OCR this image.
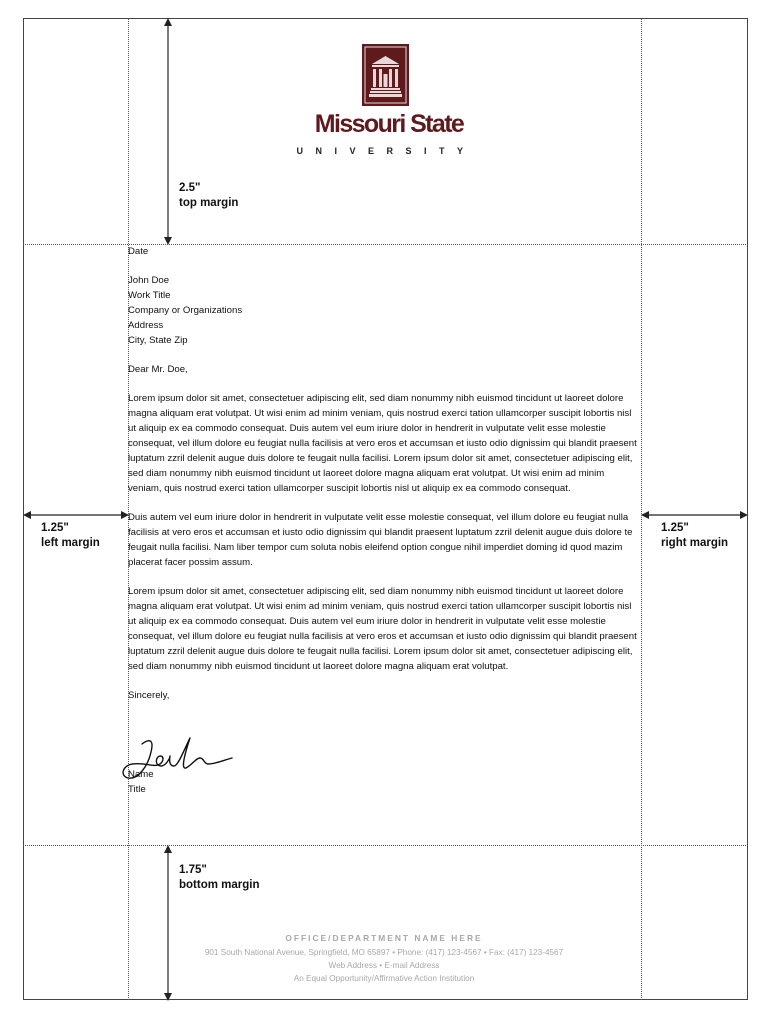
2.5"
top margin
1.75"
bottom margin
1.25"
left margin
1.25"
right margin
Missouri State
UNIVERSITY

Date

John Doe

Work Title

Company or Organizations

Address

City, State Zip

Dear Mr. Doe,

Lorem ipsum dolor sit amet, consectetuer adipiscing elit, sed diam nonummy nibh euismod tincidunt ut laoreet dolore magna aliquam erat volutpat. Ut wisi enim ad minim veniam, quis nostrud exerci tation ullamcorper suscipit lobortis nisl ut aliquip ex ea commodo consequat. Duis autem vel eum iriure dolor in hendrerit in vulputate velit esse molestie consequat, vel illum dolore eu feugiat nulla facilisis at vero eros et accumsan et iusto odio dignissim qui blandit praesent luptatum zzril delenit augue duis dolore te feugait nulla facilisi. Lorem ipsum dolor sit amet, consectetuer adipiscing elit, sed diam nonummy nibh euismod tincidunt ut laoreet dolore magna aliquam erat volutpat. Ut wisi enim ad minim veniam, quis nostrud exerci tation ullamcorper suscipit lobortis nisl ut aliquip ex ea commodo consequat.

Duis autem vel eum iriure dolor in hendrerit in vulputate velit esse molestie consequat, vel illum dolore eu feugiat nulla facilisis at vero eros et accumsan et iusto odio dignissim qui blandit praesent luptatum zzril delenit augue duis dolore te feugait nulla facilisi. Nam liber tempor cum soluta nobis eleifend option congue nihil imperdiet doming id quod mazim placerat facer possim assum.

Lorem ipsum dolor sit amet, consectetuer adipiscing elit, sed diam nonummy nibh euismod tincidunt ut laoreet dolore magna aliquam erat volutpat. Ut wisi enim ad minim veniam, quis nostrud exerci tation ullamcorper suscipit lobortis nisl ut aliquip ex ea commodo consequat. Duis autem vel eum iriure dolor in hendrerit in vulputate velit esse molestie consequat, vel illum dolore eu feugiat nulla facilisis at vero eros et accumsan et iusto odio dignissim qui blandit praesent luptatum zzril delenit augue duis dolore te feugait nulla facilisi. Lorem ipsum dolor sit amet, consectetuer adipiscing elit, sed diam nonummy nibh euismod tincidunt ut laoreet dolore magna aliquam erat volutpat.

Sincerely,

Name

Title

OFFICE/DEPARTMENT NAME HERE
901 South National Avenue, Springfield, MO 65897 • Phone: (417) 123-4567 • Fax: (417) 123-4567
Web Address • E-mail Address
An Equal Opportunity/Affirmative Action Institution
